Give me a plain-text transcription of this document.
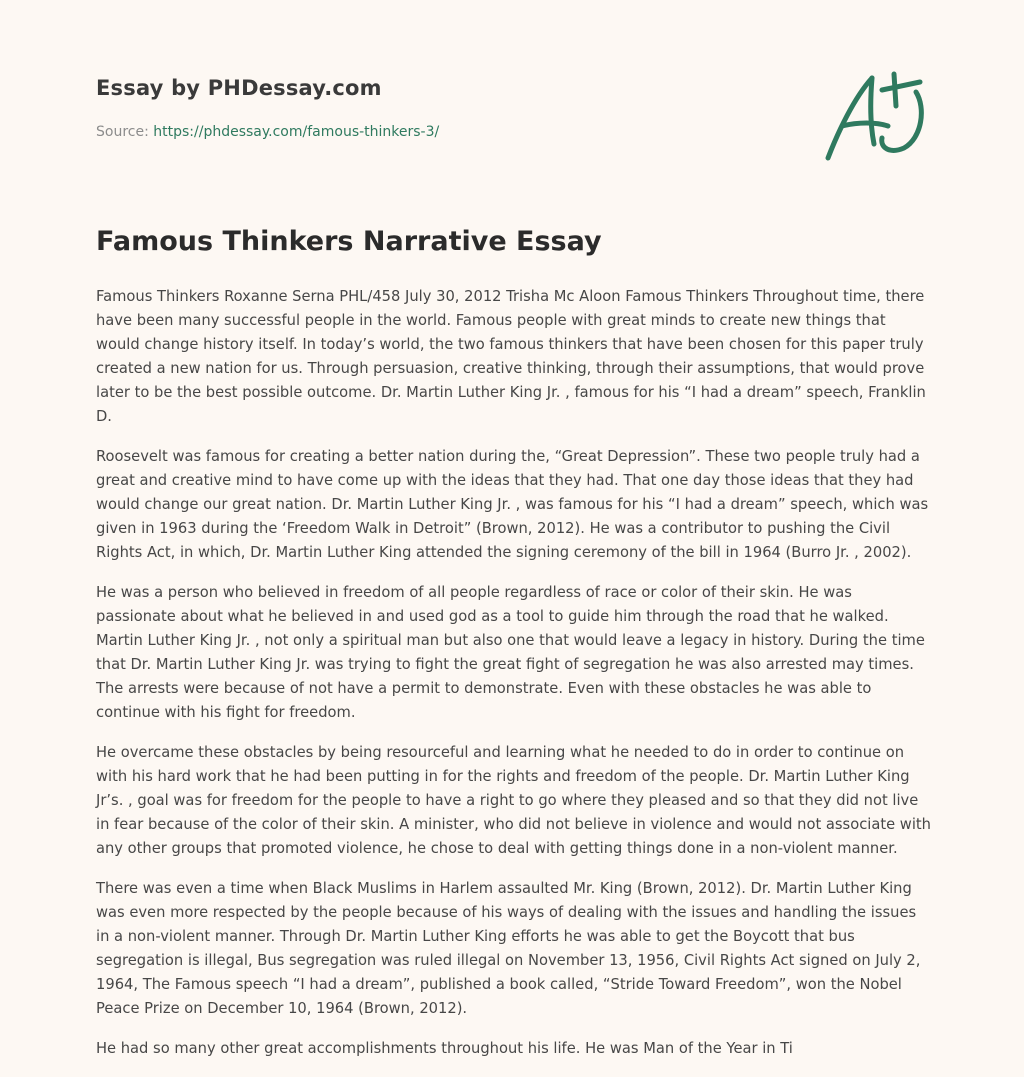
Essay by PHDessay.com
Source: https://phdessay.com/famous-thinkers-3/
Famous Thinkers Narrative Essay

Famous Thinkers Roxanne Serna PHL/458 July 30, 2012 Trisha Mc Aloon Famous Thinkers Throughout time, there have been many successful people in the world. Famous people with great minds to create new things that would change history itself. In today’s world, the two famous thinkers that have been chosen for this paper truly created a new nation for us. Through persuasion, creative thinking, through their assumptions, that would prove later to be the best possible outcome. Dr. Martin Luther King Jr. , famous for his “I had a dream” speech, Franklin D.

Roosevelt was famous for creating a better nation during the, “Great Depression”. These two people truly had a great and creative mind to have come up with the ideas that they had. That one day those ideas that they had would change our great nation. Dr. Martin Luther King Jr. , was famous for his “I had a dream” speech, which was given in 1963 during the ‘Freedom Walk in Detroit” (Brown, 2012). He was a contributor to pushing the Civil Rights Act, in which, Dr. Martin Luther King attended the signing ceremony of the bill in 1964 (Burro Jr. , 2002).

He was a person who believed in freedom of all people regardless of race or color of their skin. He was passionate about what he believed in and used god as a tool to guide him through the road that he walked. Martin Luther King Jr. , not only a spiritual man but also one that would leave a legacy in history. During the time that Dr. Martin Luther King Jr. was trying to fight the great fight of segregation he was also arrested may times. The arrests were because of not have a permit to demonstrate. Even with these obstacles he was able to continue with his fight for freedom.

He overcame these obstacles by being resourceful and learning what he needed to do in order to continue on with his hard work that he had been putting in for the rights and freedom of the people. Dr. Martin Luther King Jr’s. , goal was for freedom for the people to have a right to go where they pleased and so that they did not live in fear because of the color of their skin. A minister, who did not believe in violence and would not associate with any other groups that promoted violence, he chose to deal with getting things done in a non-violent manner.

There was even a time when Black Muslims in Harlem assaulted Mr. King (Brown, 2012). Dr. Martin Luther King was even more respected by the people because of his ways of dealing with the issues and handling the issues in a non-violent manner. Through Dr. Martin Luther King efforts he was able to get the Boycott that bus segregation is illegal, Bus segregation was ruled illegal on November 13, 1956, Civil Rights Act signed on July 2, 1964, The Famous speech “I had a dream”, published a book called, “Stride Toward Freedom”, won the Nobel Peace Prize on December 10, 1964 (Brown, 2012).

He had so many other great accomplishments throughout his life. He was Man of the Year in Ti
